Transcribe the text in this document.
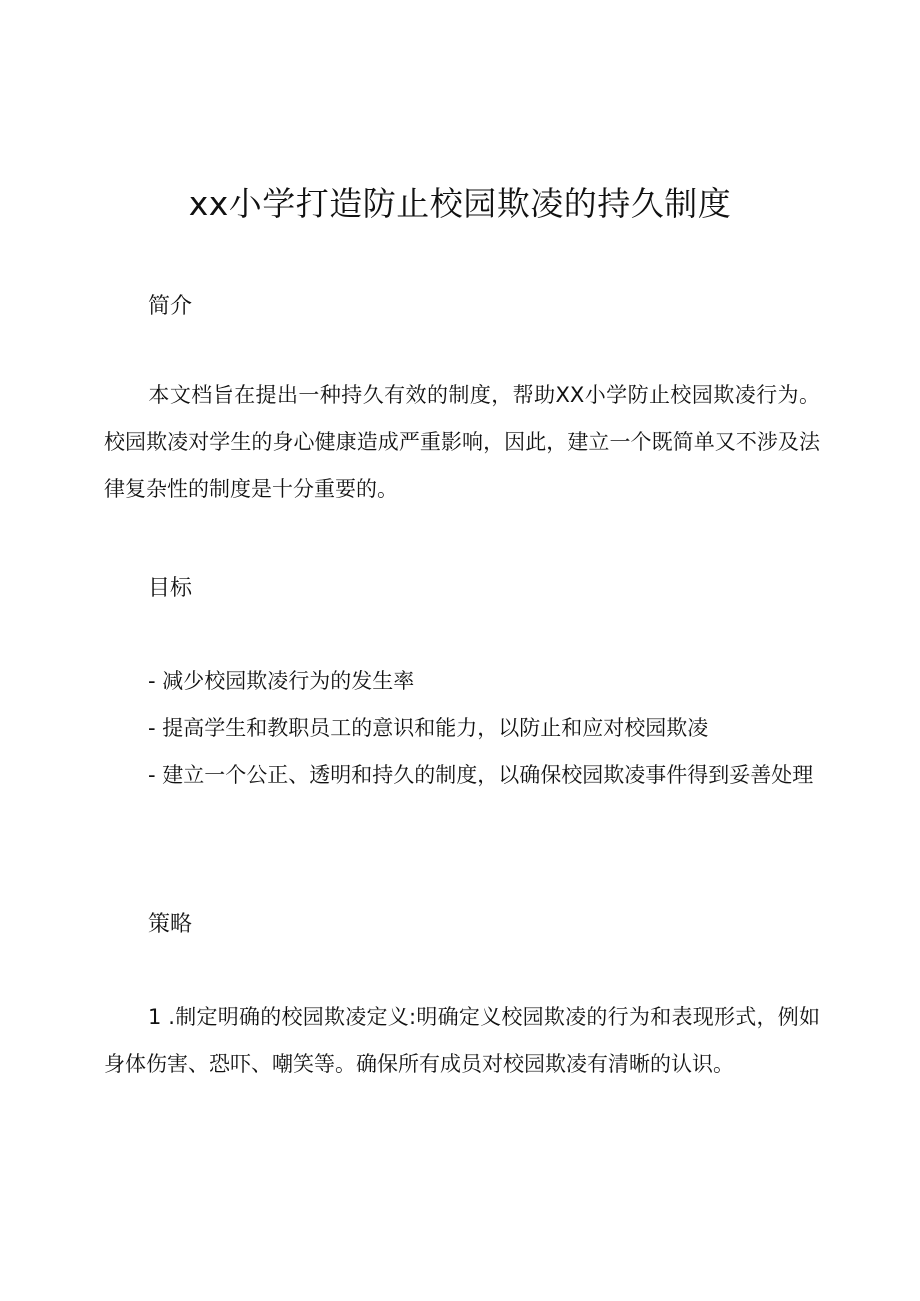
xx小学打造防止校园欺凌的持久制度
简介
本文档旨在提出一种持久有效的制度，帮助XX小学防止校园欺凌行为。校园欺凌对学生的身心健康造成严重影响，因此，建立一个既简单又不涉及法律复杂性的制度是十分重要的。
目标
- 减少校园欺凌行为的发生率
- 提高学生和教职员工的意识和能力，以防止和应对校园欺凌
- 建立一个公正、透明和持久的制度，以确保校园欺凌事件得到妥善处理
策略
1 .制定明确的校园欺凌定义:明确定义校园欺凌的行为和表现形式，例如身体伤害、恐吓、嘲笑等。确保所有成员对校园欺凌有清晰的认识。
